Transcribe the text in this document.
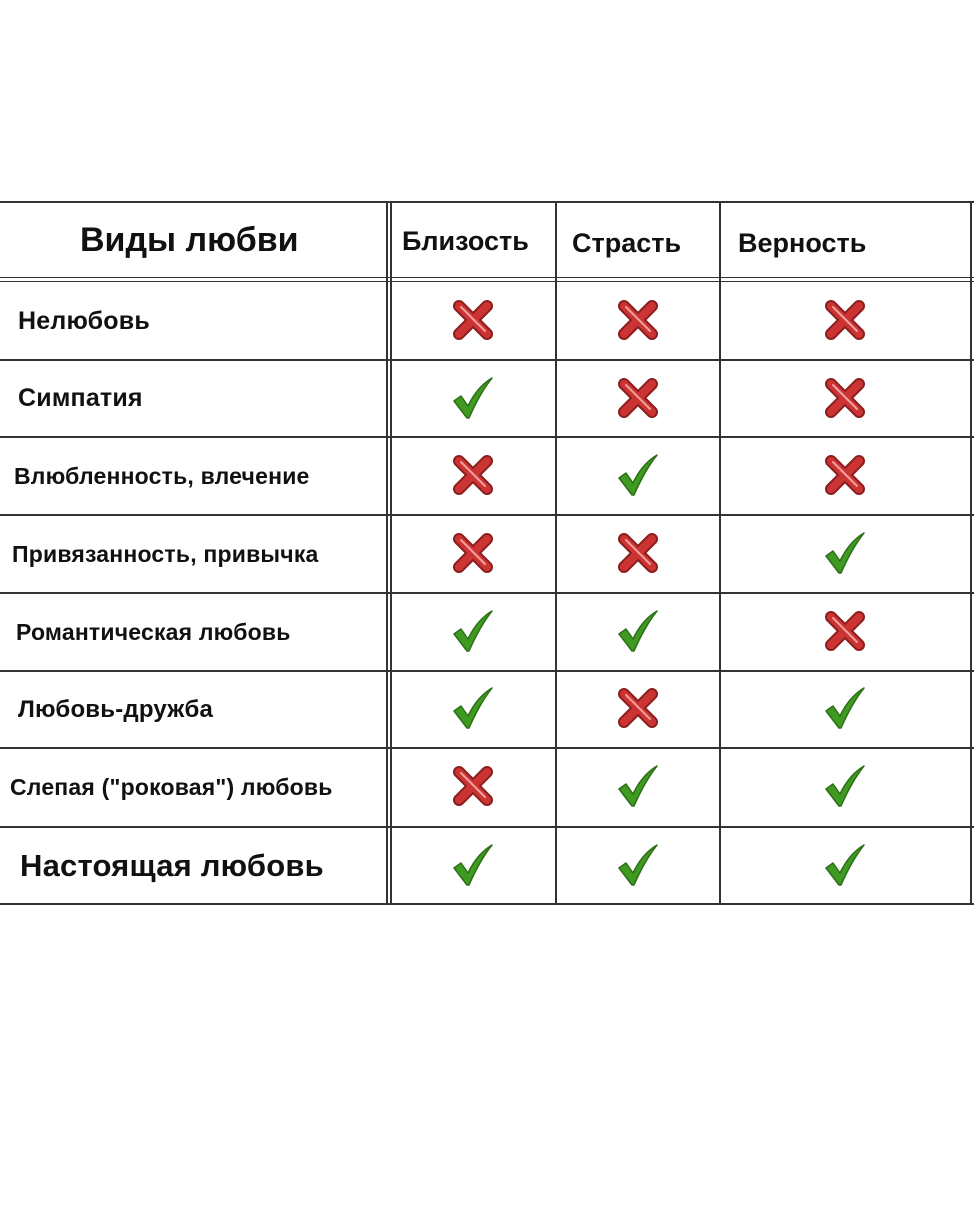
Виды любви	Близость Страсть Верность
Нелюбовь
Симпатия
Влюбленность, влечение
Привязанность, привычка
Романтическая любовь
Любовь-дружба
Слепая ("роковая") любовь
Настоящая любовь
